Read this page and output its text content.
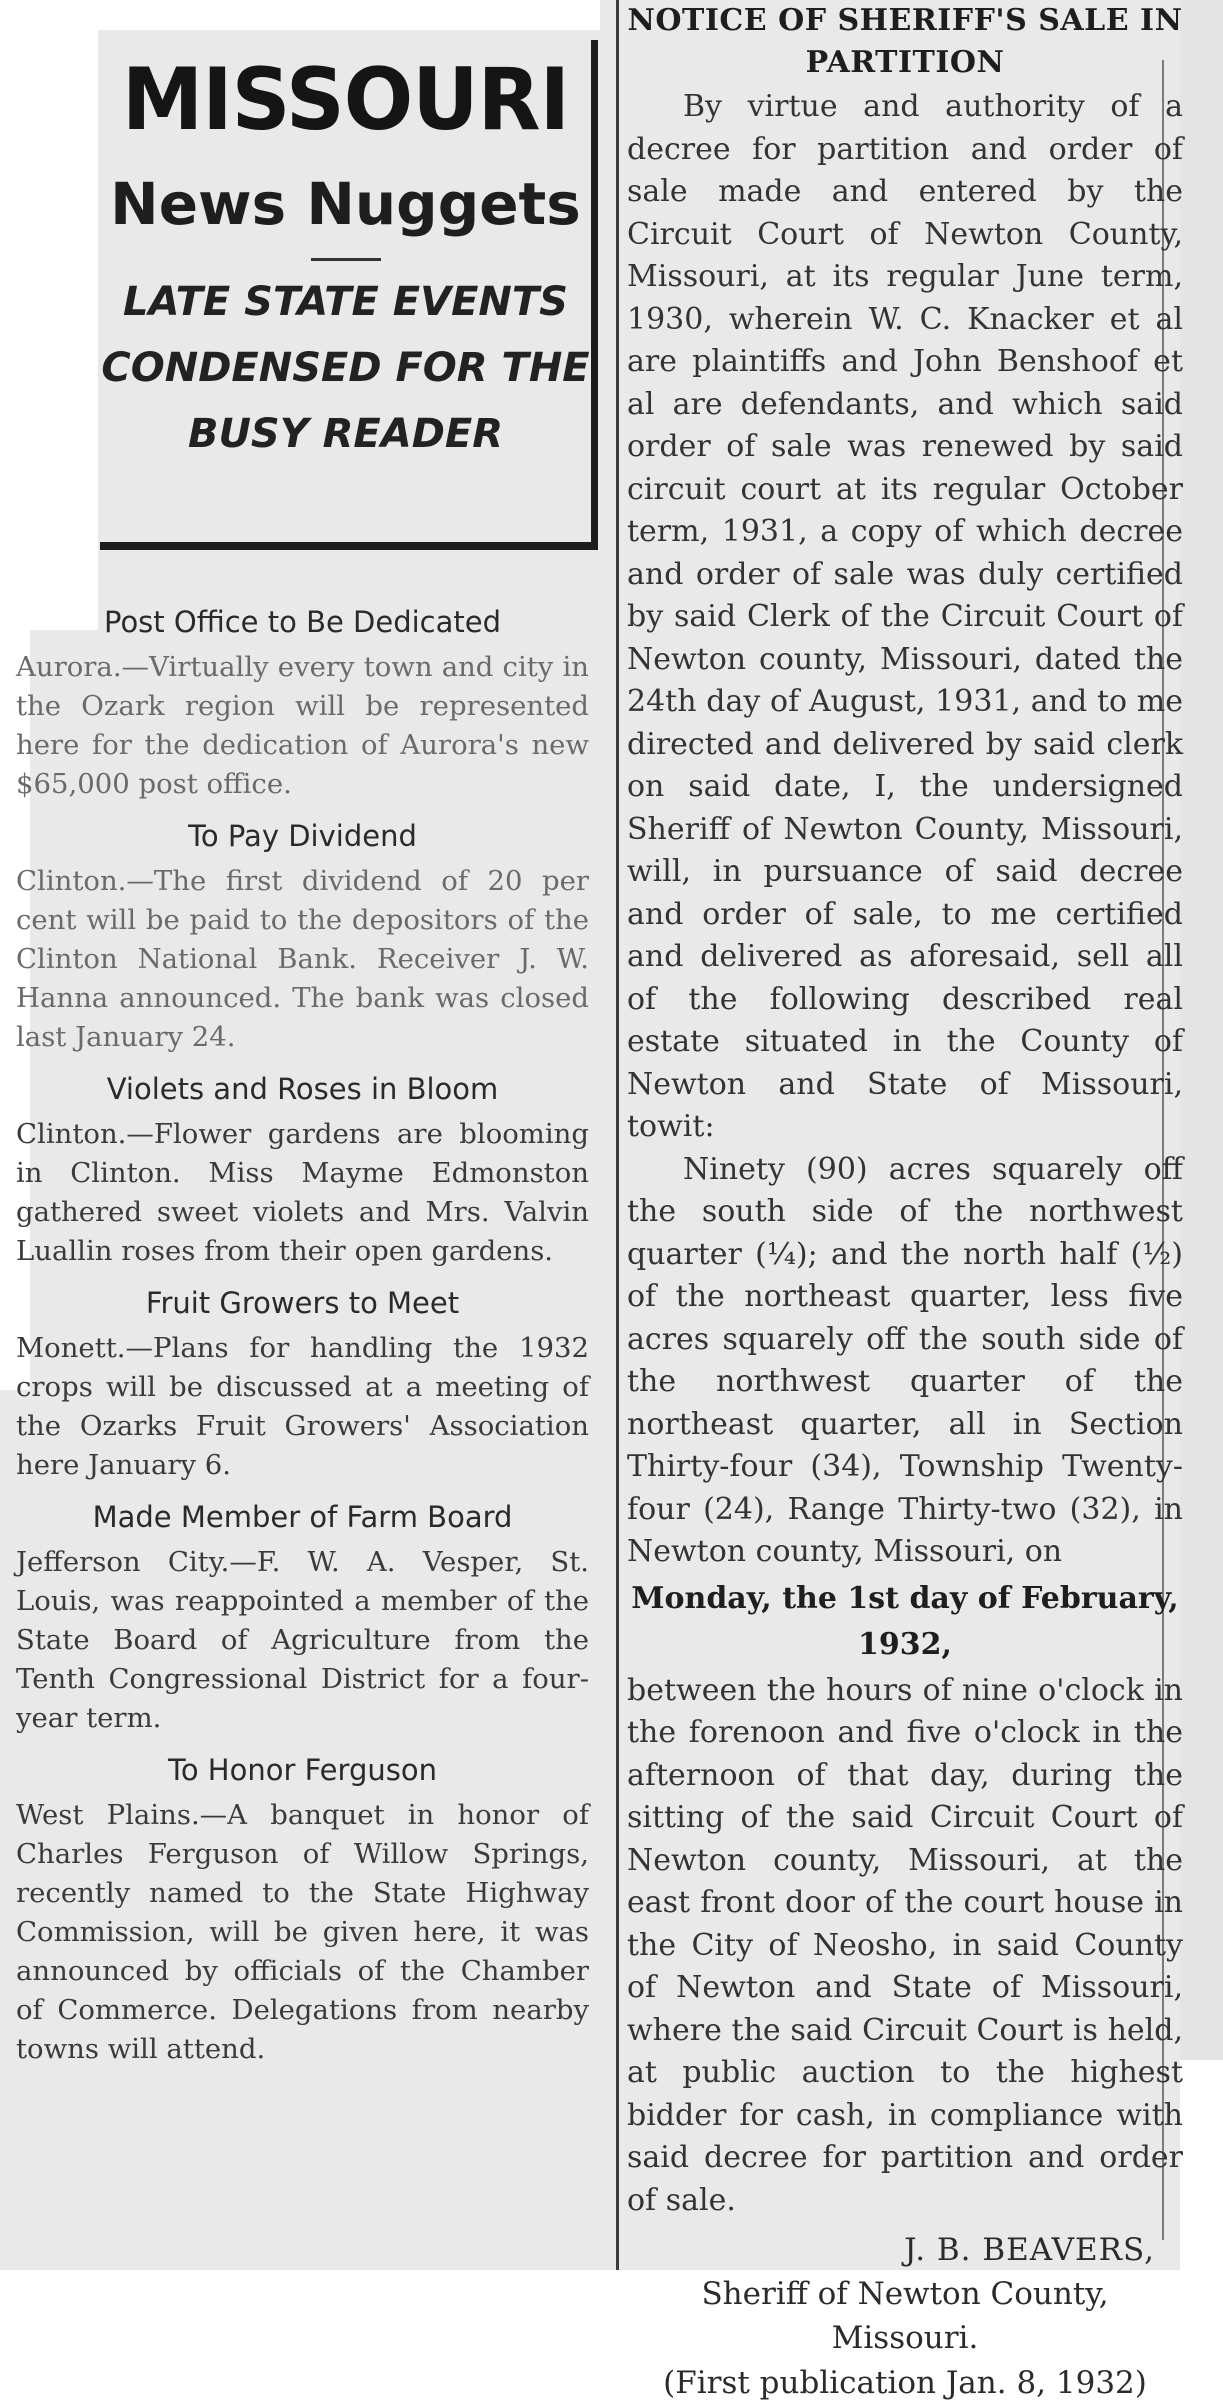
MISSOURI
News Nuggets
LATE STATE EVENTS
CONDENSED FOR THE
BUSY READER
Post Office to Be Dedicated

Aurora.—Virtually every town and city in the Ozark region will be represented here for the dedication of Aurora's new $65,000 post office.

To Pay Dividend

Clinton.—The first dividend of 20 per cent will be paid to the depositors of the Clinton National Bank. Receiver J. W. Hanna announced. The bank was closed last January 24.

Violets and Roses in Bloom

Clinton.—Flower gardens are blooming in Clinton. Miss Mayme Edmonston gathered sweet violets and Mrs. Valvin Luallin roses from their open gardens.

Fruit Growers to Meet

Monett.—Plans for handling the 1932 crops will be discussed at a meeting of the Ozarks Fruit Growers' Association here January 6.

Made Member of Farm Board

Jefferson City.—F. W. A. Vesper, St. Louis, was reappointed a member of the State Board of Agriculture from the Tenth Congressional District for a four-year term.

To Honor Ferguson

West Plains.—A banquet in honor of Charles Ferguson of Willow Springs, recently named to the State Highway Commission, will be given here, it was announced by officials of the Chamber of Commerce. Delegations from nearby towns will attend.

NOTICE OF SHERIFF'S SALE IN
PARTITION

By virtue and authority of a decree for partition and order of sale made and entered by the Circuit Court of Newton County, Missouri, at its regular June term, 1930, wherein W. C. Knacker et al are plaintiffs and John Benshoof et al are defendants, and which said order of sale was renewed by said circuit court at its regular October term, 1931, a copy of which decree and order of sale was duly certified by said Clerk of the Circuit Court of Newton county, Missouri, dated the 24th day of August, 1931, and to me directed and delivered by said clerk on said date, I, the undersigned Sheriff of Newton County, Missouri, will, in pursuance of said decree and order of sale, to me certified and delivered as aforesaid, sell all of the following described real estate situated in the County of Newton and State of Missouri, towit:

Ninety (90) acres squarely off the south side of the northwest quarter (¼); and the north half (½) of the northeast quarter, less five acres squarely off the south side of the northwest quarter of the northeast quarter, all in Section Thirty-four (34), Township Twenty-four (24), Range Thirty-two (32), in Newton county, Missouri, on

Monday, the 1st day of February,
1932,

between the hours of nine o'clock in the forenoon and five o'clock in the afternoon of that day, during the sitting of the said Circuit Court of Newton county, Missouri, at the east front door of the court house in the City of Neosho, in said County of Newton and State of Missouri, where the said Circuit Court is held, at public auction to the highest bidder for cash, in compliance with said decree for partition and order of sale.

J. B. BEAVERS,
Sheriff of Newton County, Missouri.
(First publication Jan. 8, 1932)
